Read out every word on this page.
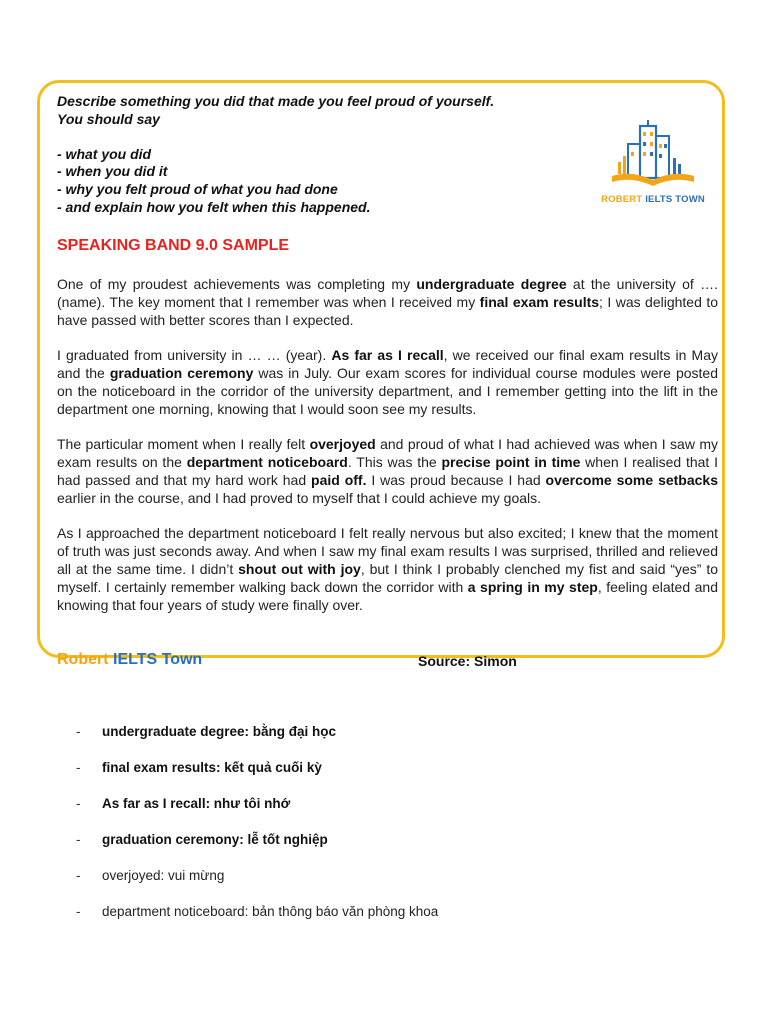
Describe something you did that made you feel proud of yourself.
You should say
- what you did
- when you did it
- why you felt proud of what you had done
- and explain how you felt when this happened.	ROBERT IELTS TOWN
SPEAKING BAND 9.0 SAMPLE

One of my proudest achievements was completing my undergraduate degree at the university of …. (name). The key moment that I remember was when I received my final exam results; I was delighted to have passed with better scores than I expected.

I graduated from university in … … (year). As far as I recall, we received our final exam results in May and the graduation ceremony was in July. Our exam scores for individual course modules were posted on the noticeboard in the corridor of the university department, and I remember getting into the lift in the department one morning, knowing that I would soon see my results.

The particular moment when I really felt overjoyed and proud of what I had achieved was when I saw my exam results on the department noticeboard. This was the precise point in time when I realised that I had passed and that my hard work had paid off. I was proud because I had overcome some setbacks earlier in the course, and I had proved to myself that I could achieve my goals.

As I approached the department noticeboard I felt really nervous but also excited; I knew that the moment of truth was just seconds away. And when I saw my final exam results I was surprised, thrilled and relieved all at the same time. I didn’t shout out with joy, but I think I probably clenched my fist and said “yes” to myself. I certainly remember walking back down the corridor with a spring in my step, feeling elated and knowing that four years of study were finally over.

Robert IELTS Town	Source: Simon
-	undergraduate degree: bằng đại học
-	final exam results: kết quả cuối kỳ
-	As far as I recall: như tôi nhớ
-	graduation ceremony: lễ tốt nghiệp
-	overjoyed: vui mừng
-	department noticeboard: bản thông báo văn phòng khoa
